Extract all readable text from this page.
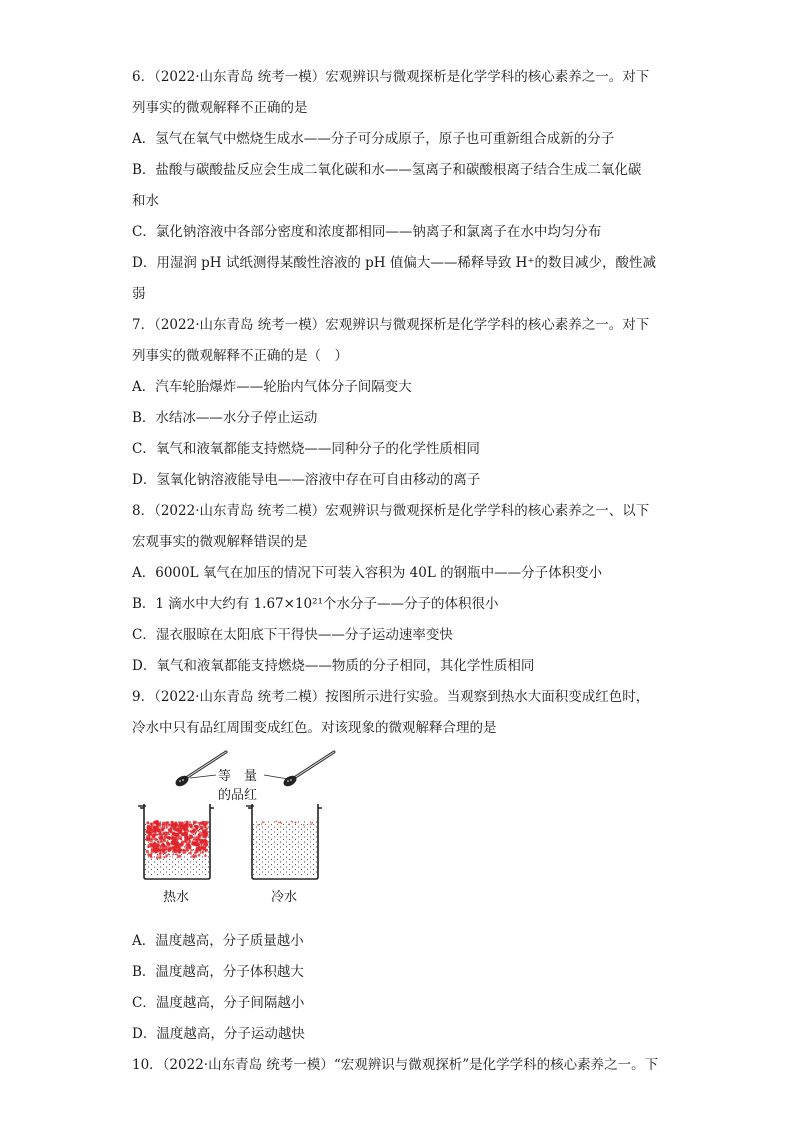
6．（2022·山东青岛 统考一模）宏观辨识与微观探析是化学学科的核心素养之一。对下
列事实的微观解释不正确的是
A．氢气在氧气中燃烧生成水——分子可分成原子，原子也可重新组合成新的分子
B．盐酸与碳酸盐反应会生成二氧化碳和水——氢离子和碳酸根离子结合生成二氧化碳
和水
C．氯化钠溶液中各部分密度和浓度都相同——钠离子和氯离子在水中均匀分布
D．用湿润 pH 试纸测得某酸性溶液的 pH 值偏大——稀释导致 H⁺的数目减少，酸性减
弱
7．（2022·山东青岛 统考一模）宏观辨识与微观探析是化学学科的核心素养之一。对下
列事实的微观解释不正确的是（　）
A．汽车轮胎爆炸——轮胎内气体分子间隔变大
B．水结冰——水分子停止运动
C．氧气和液氧都能支持燃烧——同种分子的化学性质相同
D．氢氧化钠溶液能导电——溶液中存在可自由移动的离子
8．（2022·山东青岛 统考二模）宏观辨识与微观探析是化学学科的核心素养之一、以下
宏观事实的微观解释错误的是
A．6000L 氧气在加压的情况下可装入容积为 40L 的钢瓶中——分子体积变小
B．1 滴水中大约有 1.67×10²¹个水分子——分子的体积很小
C．湿衣服晾在太阳底下干得快——分子运动速率变快
D．氧气和液氧都能支持燃烧——物质的分子相同，其化学性质相同
9．（2022·山东青岛 统考二模）按图所示进行实验。当观察到热水大面积变成红色时，
冷水中只有品红周围变成红色。对该现象的微观解释合理的是
等　量
的品红
热水	冷水
A．温度越高，分子质量越小
B．温度越高，分子体积越大
C．温度越高，分子间隔越小
D．温度越高，分子运动越快
10．（2022·山东青岛 统考一模）“宏观辨识与微观探析”是化学学科的核心素养之一。下
